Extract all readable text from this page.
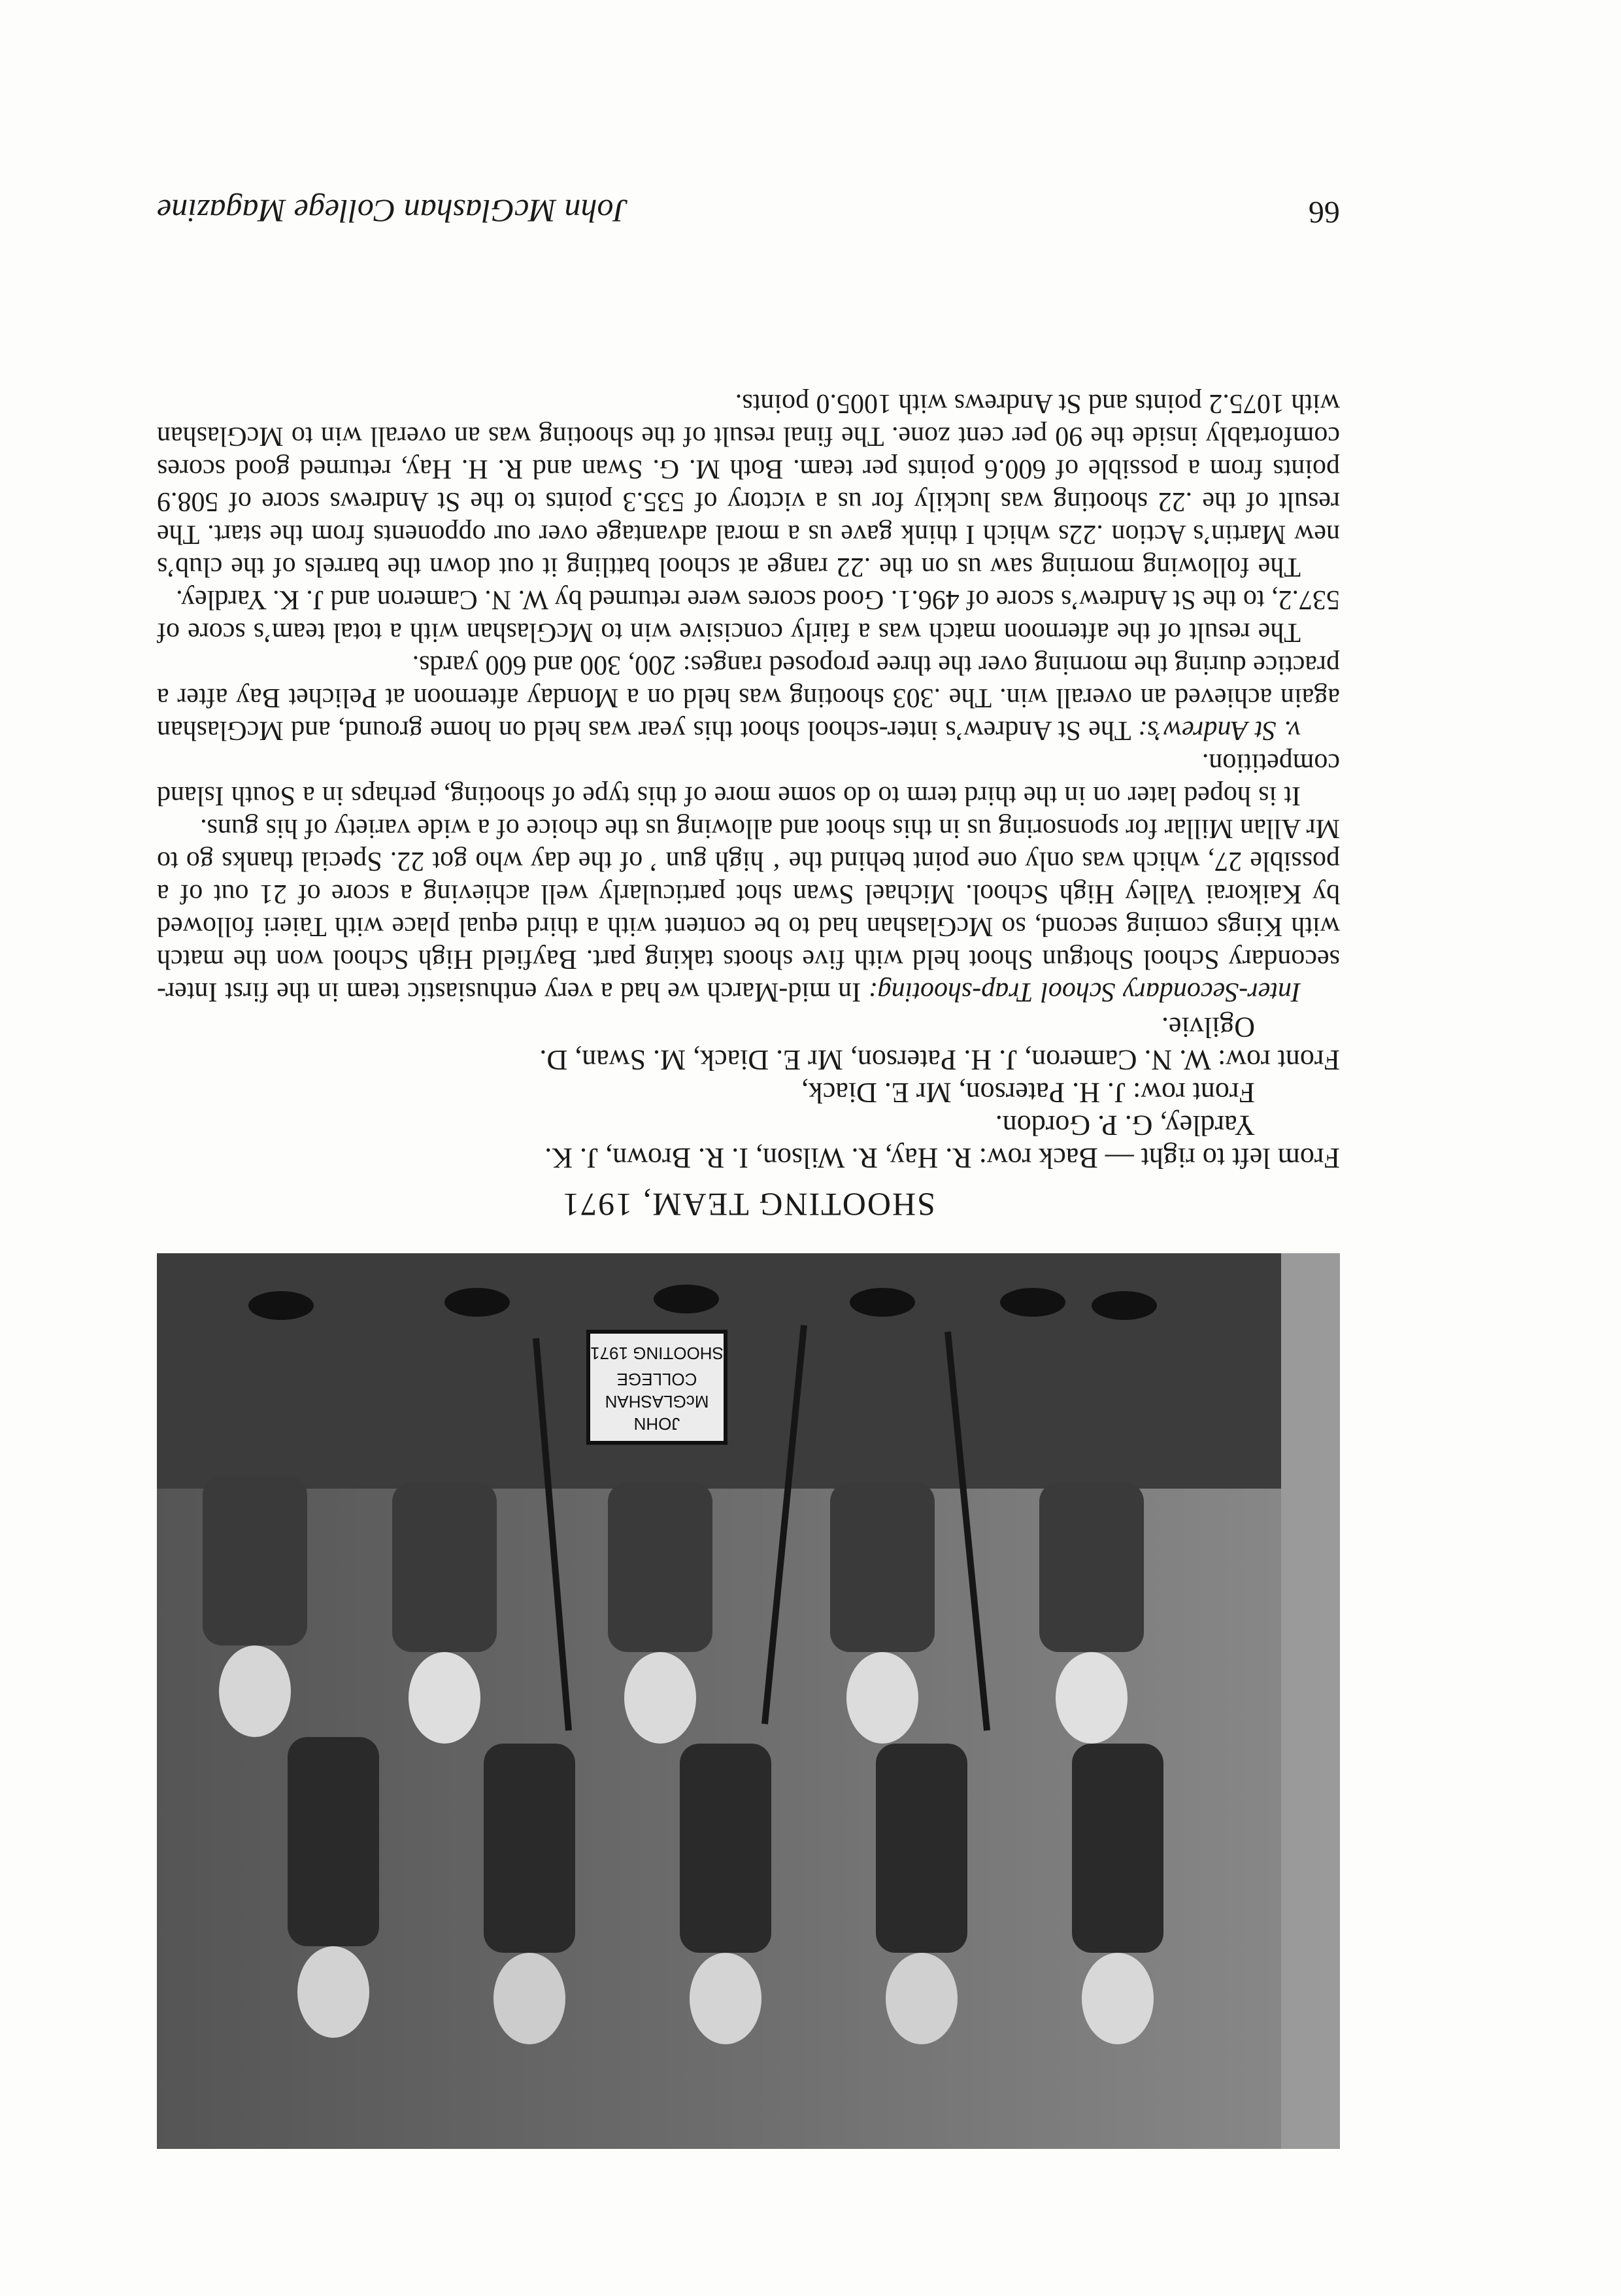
66
John McGlashan College Magazine
JOHN
McGLASHAN
COLLEGE
SHOOTING 1971
SHOOTING TEAM, 1971
From left to right — Back row: R. Hay, R. Wilson, I. R. Brown, J. K.
Yardley, G. P. Gordon.
Front row: J. H. Paterson, Mr E. Diack,
Front row: W. N. Cameron, J. H. Paterson, Mr E. Diack, M. Swan, D.
Ogilvie.

Inter-Secondary School Trap-shooting: In mid-March we had a very enthusiastic team in the first Inter-secondary School Shotgun Shoot held with five shoots taking part. Bayfield High School won the match with Kings coming second, so McGlashan had to be content with a third equal place with Taieri followed by Kaikorai Valley High School. Michael Swan shot particularly well achieving a score of 21 out of a possible 27, which was only one point behind the ‘ high gun ’ of the day who got 22. Special thanks go to Mr Allan Millar for sponsoring us in this shoot and allowing us the choice of a wide variety of his guns.

It is hoped later on in the third term to do some more of this type of shooting, perhaps in a South Island competition.

v. St Andrew’s: The St Andrew’s inter-school shoot this year was held on home ground, and McGlashan again achieved an overall win. The .303 shooting was held on a Monday afternoon at Pelichet Bay after a practice during the morning over the three proposed ranges: 200, 300 and 600 yards.

The result of the afternoon match was a fairly concisive win to McGlashan with a total team’s score of 537.2, to the St Andrew’s score of 496.1. Good scores were returned by W. N. Cameron and J. K. Yardley.

The following morning saw us on the .22 range at school battling it out down the barrels of the club’s new Martin’s Action .22s which I think gave us a moral advantage over our opponents from the start. The result of the .22 shooting was luckily for us a victory of 535.3 points to the St Andrews score of 508.9 points from a possible of 600.6 points per team. Both M. G. Swan and R. H. Hay, returned good scores comfortably inside the 90 per cent zone. The final result of the shooting was an overall win to McGlashan with 1075.2 points and St Andrews with 1005.0 points.
